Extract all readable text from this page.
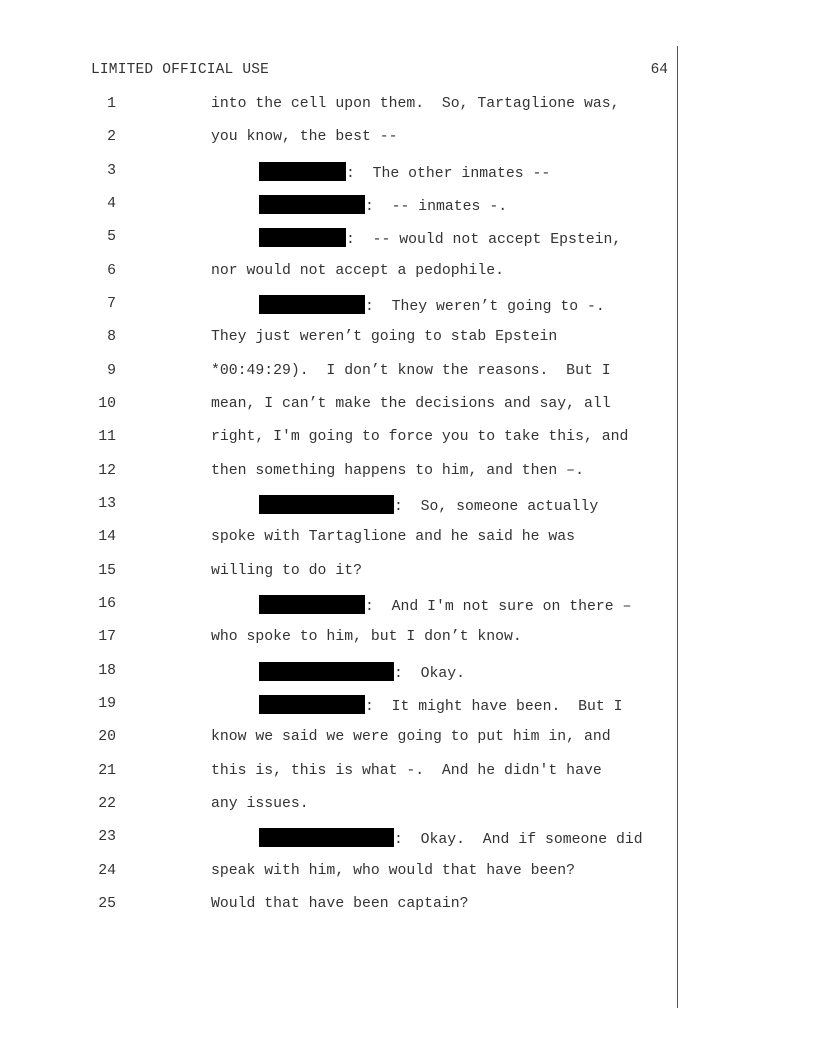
LIMITED OFFICIAL USE	64
1	into the cell upon them.  So, Tartaglione was,
2	you know, the best --
3	:  The other inmates --
4	:  -- inmates -.
5	:  -- would not accept Epstein,
6	nor would not accept a pedophile.
7	:  They weren’t going to -.
8	They just weren’t going to stab Epstein
9	*00:49:29).  I don’t know the reasons.  But I
10	mean, I can’t make the decisions and say, all
11	right, I'm going to force you to take this, and
12	then something happens to him, and then –.
13	:  So, someone actually
14	spoke with Tartaglione and he said he was
15	willing to do it?
16	:  And I'm not sure on there –
17	who spoke to him, but I don’t know.
18	:  Okay.
19	:  It might have been.  But I
20	know we said we were going to put him in, and
21	this is, this is what -.  And he didn't have
22	any issues.
23	:  Okay.  And if someone did
24	speak with him, who would that have been?
25	Would that have been captain?
